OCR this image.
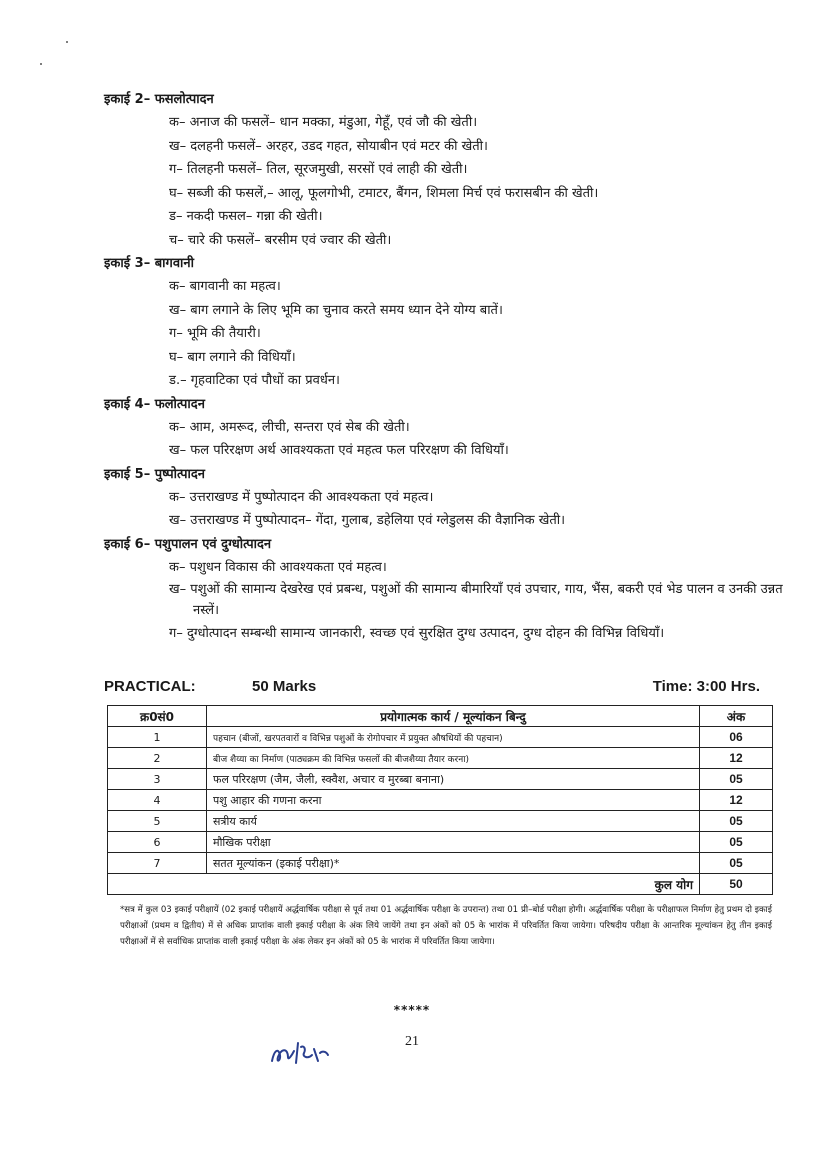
इकाई 2– फसलोत्पादन
क– अनाज की फसलें– धान मक्का, मंडुआ, गेहूँ, एवं जौ की खेती।
ख– दलहनी फसलें– अरहर, उडद गहत, सोयाबीन एवं मटर की खेती।
ग– तिलहनी फसलें– तिल, सूरजमुखी, सरसों एवं लाही की खेती।
घ– सब्जी की फसलें,– आलू, फूलगोभी, टमाटर, बैंगन, शिमला मिर्च एवं फरासबीन की खेती।
ड– नकदी फसल– गन्ना की खेती।
च– चारे की फसलें– बरसीम एवं ज्वार की खेती।
इकाई 3– बागवानी
क– बागवानी का महत्व।
ख– बाग लगाने के लिए भूमि का चुनाव करते समय ध्यान देने योग्य बातें।
ग– भूमि की तैयारी।
घ– बाग लगाने की विधियॉं।
ड.– गृहवाटिका एवं पौधों का प्रवर्धन।
इकाई 4– फलोत्पादन
क– आम, अमरूद, लीची, सन्तरा एवं सेब की खेती।
ख– फल परिरक्षण अर्थ आवश्यकता एवं महत्व फल परिरक्षण की विधियॉं।
इकाई 5– पुष्पोत्पादन
क– उत्तराखण्ड में पुष्पोत्पादन की आवश्यकता एवं महत्व।
ख– उत्तराखण्ड में पुष्पोत्पादन– गेंदा, गुलाब, डहेलिया एवं ग्लेडुलस की वैज्ञानिक खेती।
इकाई 6– पशुपालन एवं दुग्धोत्पादन
क– पशुधन विकास की आवश्यकता एवं महत्व।
ख– पशुओं की सामान्य देखरेख एवं प्रबन्ध, पशुओं की सामान्य बीमारियॉं एवं उपचार, गाय, भैंस, बकरी एवं भेड पालन व उनकी उन्नत नस्लें।
ग– दुग्धोत्पादन सम्बन्धी सामान्य जानकारी, स्वच्छ एवं सुरक्षित दुग्ध उत्पादन, दुग्ध दोहन की विभिन्न विधियॉं।
PRACTICAL:	50 Marks	Time: 3:00 Hrs.
क्र0सं0	प्रयोगात्मक कार्य / मूल्यांकन बिन्दु	अंक
1	पहचान (बीजों, खरपतवारों व विभिन्न पशुओं के रोगोपचार में प्रयुक्त औषधियों की पहचान)	06
2	बीज शैय्या का निर्माण (पाठ्यक्रम की विभिन्न फसलों की बीजशैय्या तैयार करना)	12
3	फल परिरक्षण (जैम, जैली, स्क्वैश, अचार व मुरब्बा बनाना)	05
4	पशु आहार की गणना करना	12
5	सत्रीय कार्य	05
6	मौखिक परीक्षा	05
7	सतत मूल्यांकन (इकाई परीक्षा)*	05
कुल योग		50
*सत्र में कुल 03 इकाई परीक्षायें (02 इकाई परीक्षायें अर्द्धवार्षिक परीक्षा से पूर्व तथा 01 अर्द्धवार्षिक परीक्षा के उपरान्त) तथा 01 प्री–बोर्ड परीक्षा होगी। अर्द्धवार्षिक परीक्षा के परीक्षाफल निर्माण हेतु प्रथम दो इकाई परीक्षाओं (प्रथम व द्वितीय) में से अधिक प्राप्तांक वाली इकाई परीक्षा के अंक लिये जायेंगे तथा इन अंकों को 05 के भारांक में परिवर्तित किया जायेगा। परिषदीय परीक्षा के आन्तरिक मूल्यांकन हेतु तीन इकाई परीक्षाओं में से सर्वाधिक प्राप्तांक वाली इकाई परीक्षा के अंक लेकर इन अंकों को 05 के भारांक में परिवर्तित किया जायेगा।
*****
21
